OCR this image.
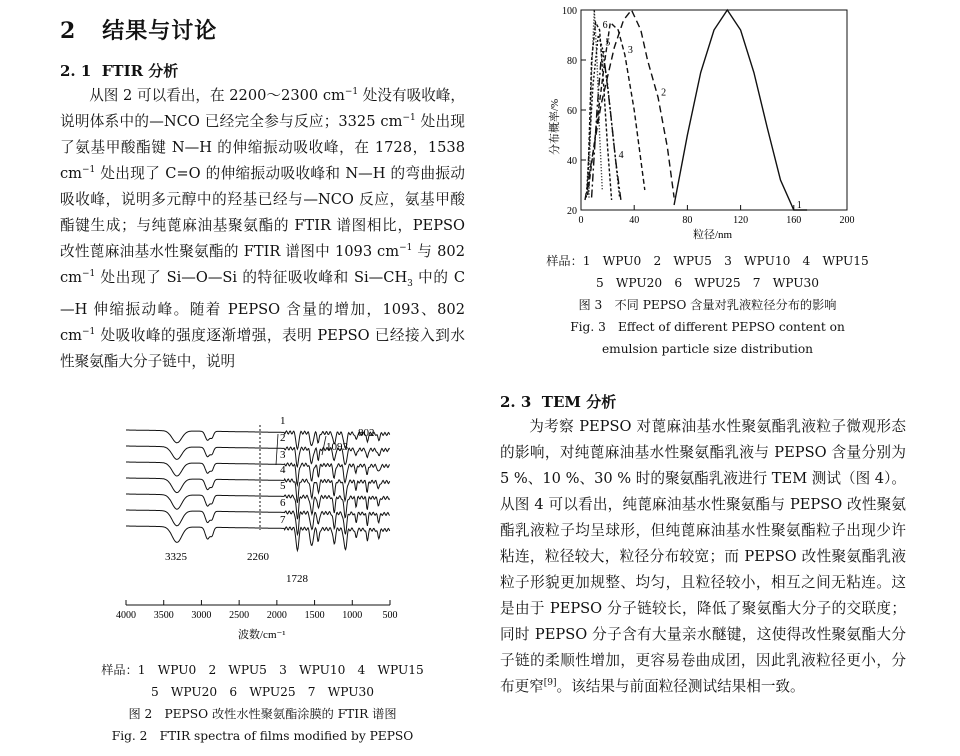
2 结果与讨论
2. 1 FTIR 分析

从图 2 可以看出，在 2200～2300 $cm^{-1}$ 处没有吸收峰，说明体系中的—NCO 已经完全参与反应；3325 $cm^{-1}$ 处出现了氨基甲酸酯键 N—H 的伸缩振动吸收峰，在 1728，1538 $cm^{-1}$ 处出现了 C=O 的伸缩振动吸收峰和 N—H 的弯曲振动吸收峰，说明多元醇中的羟基已经与—NCO 反应，氨基甲酸酯键生成；与纯蓖麻油基聚氨酯的 FTIR 谱图相比，PEPSO 改性蓖麻油基水性聚氨酯的 FTIR 谱图中 1093 $cm^{-1}$ 与 802 $cm^{-1}$ 处出现了 Si—O—Si 的特征吸收峰和 $Si—CH_3$ 中的 C—H 伸缩振动峰。随着 PEPSO 含量的增加，1093、802 $cm^{-1}$ 处吸收峰的强度逐渐增强，表明 PEPSO 已经接入到水性聚氨酯大分子链中，说明

4000 3500 3000 2500 2000 1500 1000 500
1
2
3
4
5
6
7
802
1093
3325	2260
1728
波数/cm⁻¹
样品：1　WPU0　2　WPU5　3　WPU10　4　WPU15
5　WPU20　6　WPU25　7　WPU30
图 2　PEPSO 改性水性聚氨酯涂膜的 FTIR 谱图
Fig. 2　FTIR spectra of films modified by PEPSO
0	40	80	120	160	200
20
40
60
80
100
1
2
3
4
5
6
7
分布概率/%
粒径/nm
样品：1　WPU0　2　WPU5　3　WPU10　4　WPU15
5　WPU20　6　WPU25　7　WPU30
图 3　不同 PEPSO 含量对乳液粒径分布的影响
Fig. 3　Effect of different PEPSO content on
emulsion particle size distribution
2. 3 TEM 分析

为考察 PEPSO 对蓖麻油基水性聚氨酯乳液粒子微观形态的影响，对纯蓖麻油基水性聚氨酯乳液与 PEPSO 含量分别为 5 %、10 %、30 % 时的聚氨酯乳液进行 TEM 测试（图 4）。从图 4 可以看出，纯蓖麻油基水性聚氨酯与 PEPSO 改性聚氨酯乳液粒子均呈球形，但纯蓖麻油基水性聚氨酯粒子出现少许粘连，粒径较大，粒径分布较宽；而 PEPSO 改性聚氨酯乳液粒子形貌更加规整、均匀，且粒径较小，相互之间无粘连。这是由于 PEPSO 分子链较长，降低了聚氨酯大分子的交联度；同时 PEPSO 分子含有大量亲水醚键，这使得改性聚氨酯大分子链的柔顺性增加，更容易卷曲成团，因此乳液粒径更小，分布更窄[9]。该结果与前面粒径测试结果相一致。
